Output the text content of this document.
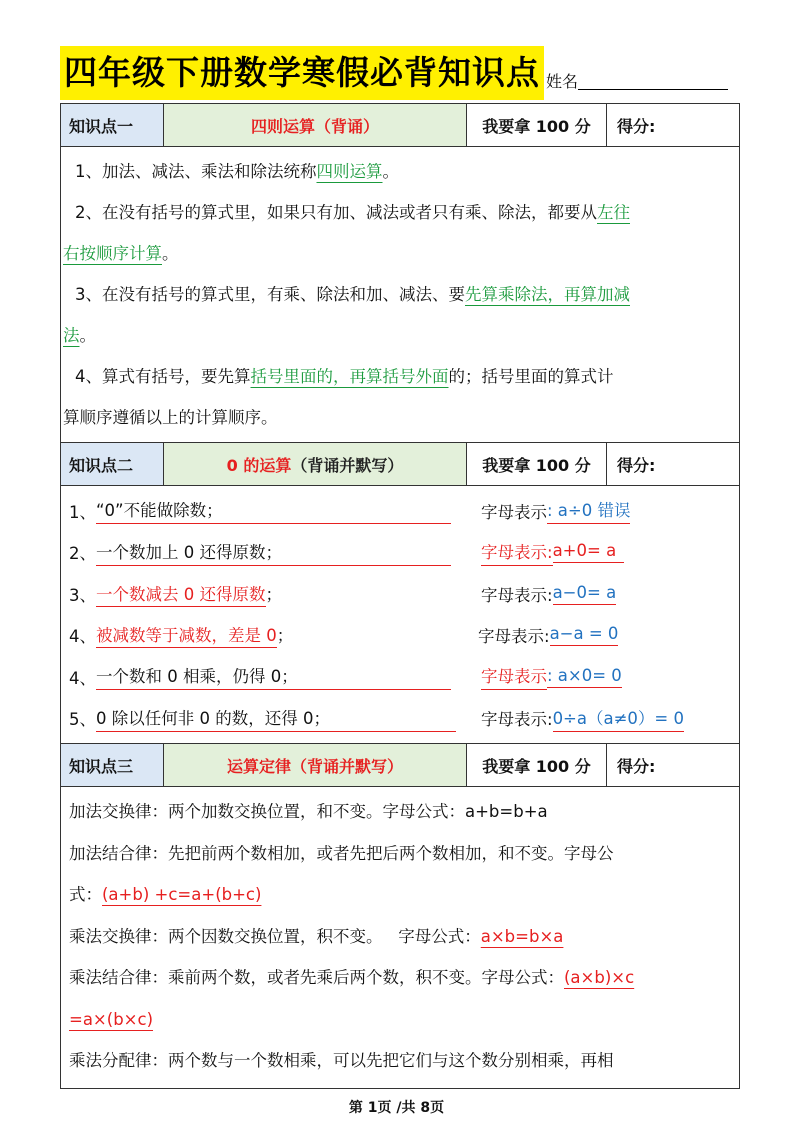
四年级下册数学寒假必背知识点 姓名
知识点一	四则运算（背诵）	我要拿 100 分	得分:

1、加法、减法、乘法和除法统称四则运算。

2、在没有括号的算式里，如果只有加、减法或者只有乘、除法，都要从左往
右按顺序计算。

3、在没有括号的算式里，有乘、除法和加、减法、要先算乘除法，再算加减
法。

4、算式有括号，要先算括号里面的，再算括号外面的；括号里面的算式计
算顺序遵循以上的计算顺序。

知识点二	0 的运算 （背诵并默写）	我要拿 100 分	得分:
1、 “0”不能做除数；	字母表示 : a÷0 错误
2、 一个数加上 0 还得原数；	字母表示: a+0= a
3、 一个数减去 0 还得原数；	字母表示: a−0= a
4、 被减数等于减数，差是 0；	字母表示: a−a = 0
4、 一个数和 0 相乘，仍得 0；	字母表示 : a×0= 0
5、 0 除以任何非 0 的数，还得 0；	字母表示: 0÷a（a≠0）= 0
知识点三	运算定律（背诵并默写）	我要拿 100 分	得分:

加法交换律：两个加数交换位置，和不变。字母公式：a+b=b+a

加法结合律：先把前两个数相加，或者先把后两个数相加，和不变。字母公

式：(a+b) +c=a+(b+c)

乘法交换律：两个因数交换位置，积不变。   字母公式：a×b=b×a

乘法结合律：乘前两个数，或者先乘后两个数，积不变。字母公式：(a×b)×c

=a×(b×c)

乘法分配律：两个数与一个数相乘，可以先把它们与这个数分别相乘，再相

第 1页 /共 8页
